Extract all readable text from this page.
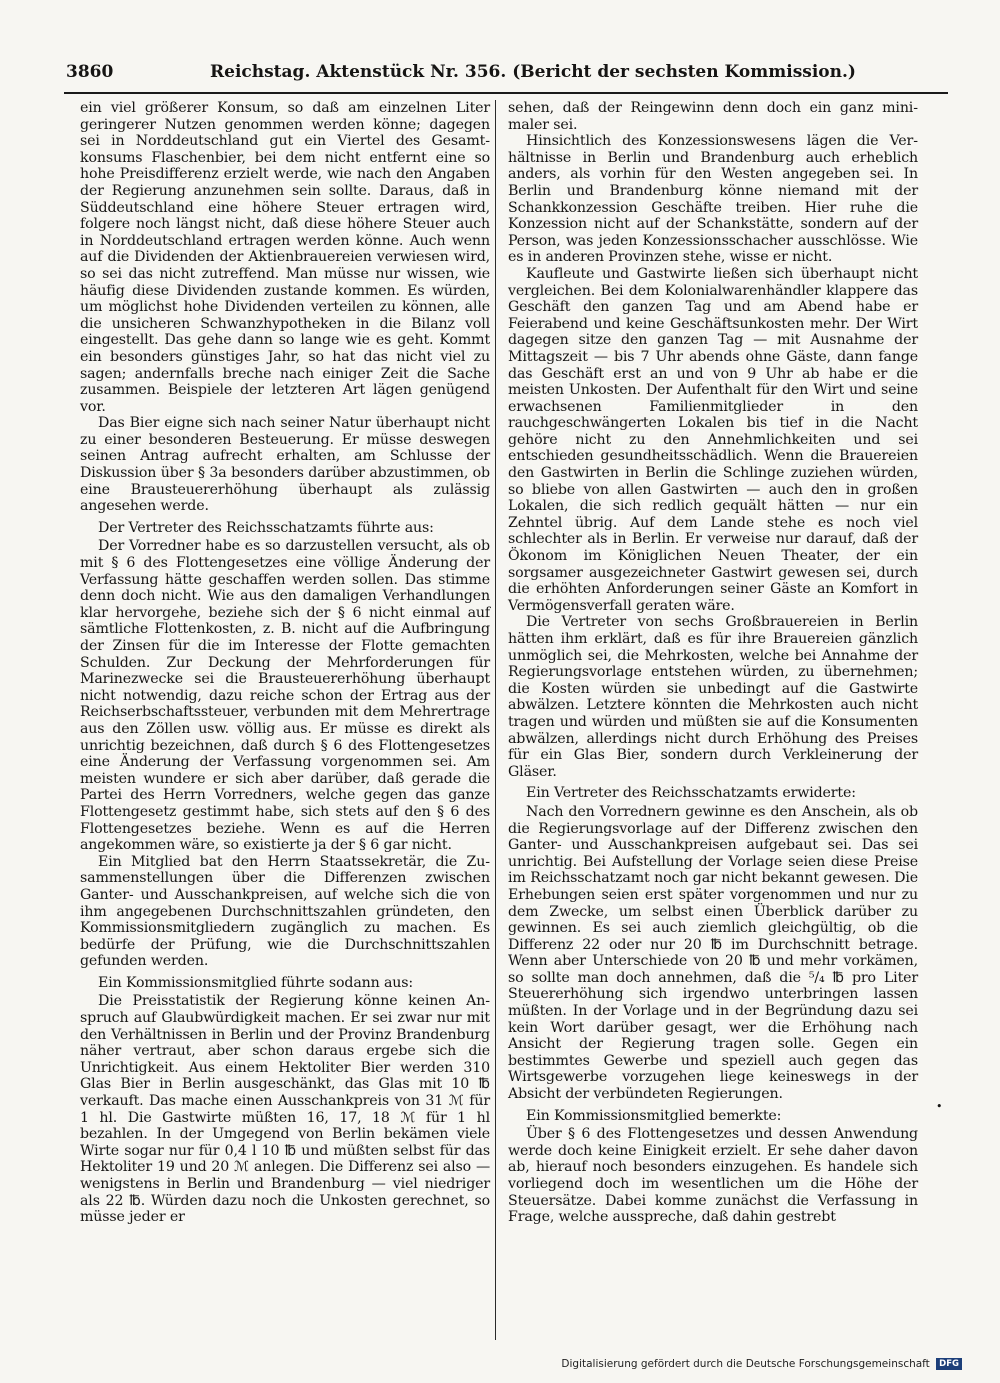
3860	Reichstag. Aktenstück Nr. 356. (Bericht der sechsten Kommission.)

ein viel größerer Konsum, so daß am einzelnen Liter geringerer Nutzen genommen werden könne; dagegen sei in Norddeutschland gut ein Viertel des Gesamtkonsums Flaschenbier, bei dem nicht entfernt eine so hohe Preisdifferenz erzielt werde, wie nach den Angaben der Regierung anzunehmen sein sollte. Daraus, daß in Süddeutschland eine höhere Steuer ertragen wird, folgere noch längst nicht, daß diese höhere Steuer auch in Norddeutschland ertragen werden könne. Auch wenn auf die Dividenden der Aktienbrauereien verwiesen wird, so sei das nicht zutreffend. Man müsse nur wissen, wie häufig diese Dividenden zustande kommen. Es würden, um möglichst hohe Dividenden verteilen zu können, alle die unsicheren Schwanzhypotheken in die Bilanz voll eingestellt. Das gehe dann so lange wie es geht. Kommt ein besonders günstiges Jahr, so hat das nicht viel zu sagen; andernfalls breche nach einiger Zeit die Sache zusammen. Beispiele der letzteren Art lägen genügend vor.

Das Bier eigne sich nach seiner Natur überhaupt nicht zu einer besonderen Besteuerung. Er müsse deswegen seinen Antrag aufrecht erhalten, am Schlusse der Diskussion über § 3a besonders darüber abzustimmen, ob eine Brausteuererhöhung überhaupt als zulässig angesehen werde.

Der Vertreter des Reichsschatzamts führte aus:

Der Vorredner habe es so darzustellen versucht, als ob mit § 6 des Flottengesetzes eine völlige Änderung der Verfassung hätte geschaffen werden sollen. Das stimme denn doch nicht. Wie aus den damaligen Verhandlungen klar hervorgehe, beziehe sich der § 6 nicht einmal auf sämtliche Flottenkosten, z. B. nicht auf die Aufbringung der Zinsen für die im Interesse der Flotte gemachten Schulden. Zur Deckung der Mehrforderungen für Marinezwecke sei die Brausteuererhöhung überhaupt nicht notwendig, dazu reiche schon der Ertrag aus der Reichserbschaftssteuer, verbunden mit dem Mehrertrage aus den Zöllen usw. völlig aus. Er müsse es direkt als unrichtig bezeichnen, daß durch § 6 des Flottengesetzes eine Änderung der Verfassung vorgenommen sei. Am meisten wundere er sich aber darüber, daß gerade die Partei des Herrn Vorredners, welche gegen das ganze Flottengesetz gestimmt habe, sich stets auf den § 6 des Flottengesetzes beziehe. Wenn es auf die Herren angekommen wäre, so existierte ja der § 6 gar nicht.

Ein Mitglied bat den Herrn Staatssekretär, die Zusammenstellungen über die Differenzen zwischen Ganter- und Ausschankpreisen, auf welche sich die von ihm angegebenen Durchschnittszahlen gründeten, den Kommissionsmitgliedern zugänglich zu machen. Es bedürfe der Prüfung, wie die Durchschnittszahlen gefunden werden.

Ein Kommissionsmitglied führte sodann aus:

Die Preisstatistik der Regierung könne keinen Anspruch auf Glaubwürdigkeit machen. Er sei zwar nur mit den Verhältnissen in Berlin und der Provinz Brandenburg näher vertraut, aber schon daraus ergebe sich die Unrichtigkeit. Aus einem Hektoliter Bier werden 310 Glas Bier in Berlin ausgeschänkt, das Glas mit 10 ℔ verkauft. Das mache einen Ausschankpreis von 31 ℳ für 1 hl. Die Gastwirte müßten 16, 17, 18 ℳ für 1 hl bezahlen. In der Umgegend von Berlin bekämen viele Wirte sogar nur für 0,4 l 10 ℔ und müßten selbst für das Hektoliter 19 und 20 ℳ anlegen. Die Differenz sei also — wenigstens in Berlin und Brandenburg — viel niedriger als 22 ℔. Würden dazu noch die Unkosten gerechnet, so müsse jeder er

sehen, daß der Reingewinn denn doch ein ganz minimaler sei.

Hinsichtlich des Konzessionswesens lägen die Verhältnisse in Berlin und Brandenburg auch erheblich anders, als vorhin für den Westen angegeben sei. In Berlin und Brandenburg könne niemand mit der Schankkonzession Geschäfte treiben. Hier ruhe die Konzession nicht auf der Schankstätte, sondern auf der Person, was jeden Konzessionsschacher ausschlösse. Wie es in anderen Provinzen stehe, wisse er nicht.

Kaufleute und Gastwirte ließen sich überhaupt nicht vergleichen. Bei dem Kolonialwarenhändler klappere das Geschäft den ganzen Tag und am Abend habe er Feierabend und keine Geschäftsunkosten mehr. Der Wirt dagegen sitze den ganzen Tag — mit Ausnahme der Mittagszeit — bis 7 Uhr abends ohne Gäste, dann fange das Geschäft erst an und von 9 Uhr ab habe er die meisten Unkosten. Der Aufenthalt für den Wirt und seine erwachsenen Familienmitglieder in den rauchgeschwängerten Lokalen bis tief in die Nacht gehöre nicht zu den Annehmlichkeiten und sei entschieden gesundheitsschädlich. Wenn die Brauereien den Gastwirten in Berlin die Schlinge zuziehen würden, so bliebe von allen Gastwirten — auch den in großen Lokalen, die sich redlich gequält hätten — nur ein Zehntel übrig. Auf dem Lande stehe es noch viel schlechter als in Berlin. Er verweise nur darauf, daß der Ökonom im Königlichen Neuen Theater, der ein sorgsamer ausgezeichneter Gastwirt gewesen sei, durch die erhöhten Anforderungen seiner Gäste an Komfort in Vermögensverfall geraten wäre.

Die Vertreter von sechs Großbrauereien in Berlin hätten ihm erklärt, daß es für ihre Brauereien gänzlich unmöglich sei, die Mehrkosten, welche bei Annahme der Regierungsvorlage entstehen würden, zu übernehmen; die Kosten würden sie unbedingt auf die Gastwirte abwälzen. Letztere könnten die Mehrkosten auch nicht tragen und würden und müßten sie auf die Konsumenten abwälzen, allerdings nicht durch Erhöhung des Preises für ein Glas Bier, sondern durch Verkleinerung der Gläser.

Ein Vertreter des Reichsschatzamts erwiderte:

Nach den Vorrednern gewinne es den Anschein, als ob die Regierungsvorlage auf der Differenz zwischen den Ganter- und Ausschankpreisen aufgebaut sei. Das sei unrichtig. Bei Aufstellung der Vorlage seien diese Preise im Reichsschatzamt noch gar nicht bekannt gewesen. Die Erhebungen seien erst später vorgenommen und nur zu dem Zwecke, um selbst einen Überblick darüber zu gewinnen. Es sei auch ziemlich gleichgültig, ob die Differenz 22 oder nur 20 ℔ im Durchschnitt betrage. Wenn aber Unterschiede von 20 ℔ und mehr vorkämen, so sollte man doch annehmen, daß die ⁵/₄ ℔ pro Liter Steuererhöhung sich irgendwo unterbringen lassen müßten. In der Vorlage und in der Begründung dazu sei kein Wort darüber gesagt, wer die Erhöhung nach Ansicht der Regierung tragen solle. Gegen ein bestimmtes Gewerbe und speziell auch gegen das Wirtsgewerbe vorzugehen liege keineswegs in der Absicht der verbündeten Regierungen.

Ein Kommissionsmitglied bemerkte:

Über § 6 des Flottengesetzes und dessen Anwendung werde doch keine Einigkeit erzielt. Er sehe daher davon ab, hierauf noch besonders einzugehen. Es handele sich vorliegend doch im wesentlichen um die Höhe der Steuersätze. Dabei komme zunächst die Verfassung in Frage, welche ausspreche, daß dahin gestrebt

•
Digitalisierung gefördert durch die Deutsche Forschungsgemeinschaft DFG
